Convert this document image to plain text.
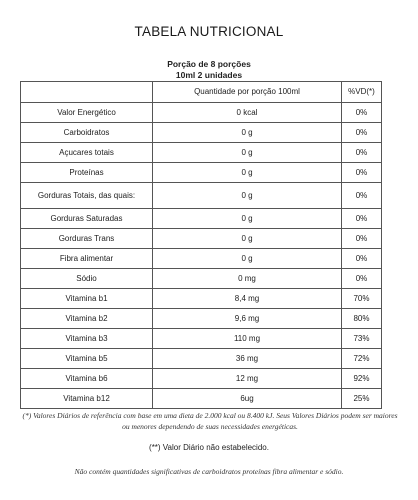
TABELA NUTRICIONAL
Porção de 8 porções
10ml 2 unidades
	Quantidade por porção 100ml	%VD(*)
Valor Energético	0 kcal	0%
Carboidratos	0 g	0%
Açucares totais	0 g	0%
Proteínas	0 g	0%
Gorduras Totais, das quais:	0 g	0%
Gorduras Saturadas	0 g	0%
Gorduras Trans	0 g	0%
Fibra alimentar	0 g	0%
Sódio	0 mg	0%
Vitamina b1	8,4 mg	70%
Vitamina b2	9,6 mg	80%
Vitamina b3	110 mg	73%
Vitamina b5	36 mg	72%
Vitamina b6	12 mg	92%
Vitamina b12	6ug	25%
(*) Valores Diários de referência com base em uma dieta de 2.000 kcal ou 8.400 kJ. Seus Valores Diários podem ser maiores ou menores dependendo de suas necessidades energéticas.
(**) Valor Diário não estabelecido.
Não contém quantidades significativas de carboidratos proteínas fibra alimentar e sódio.
